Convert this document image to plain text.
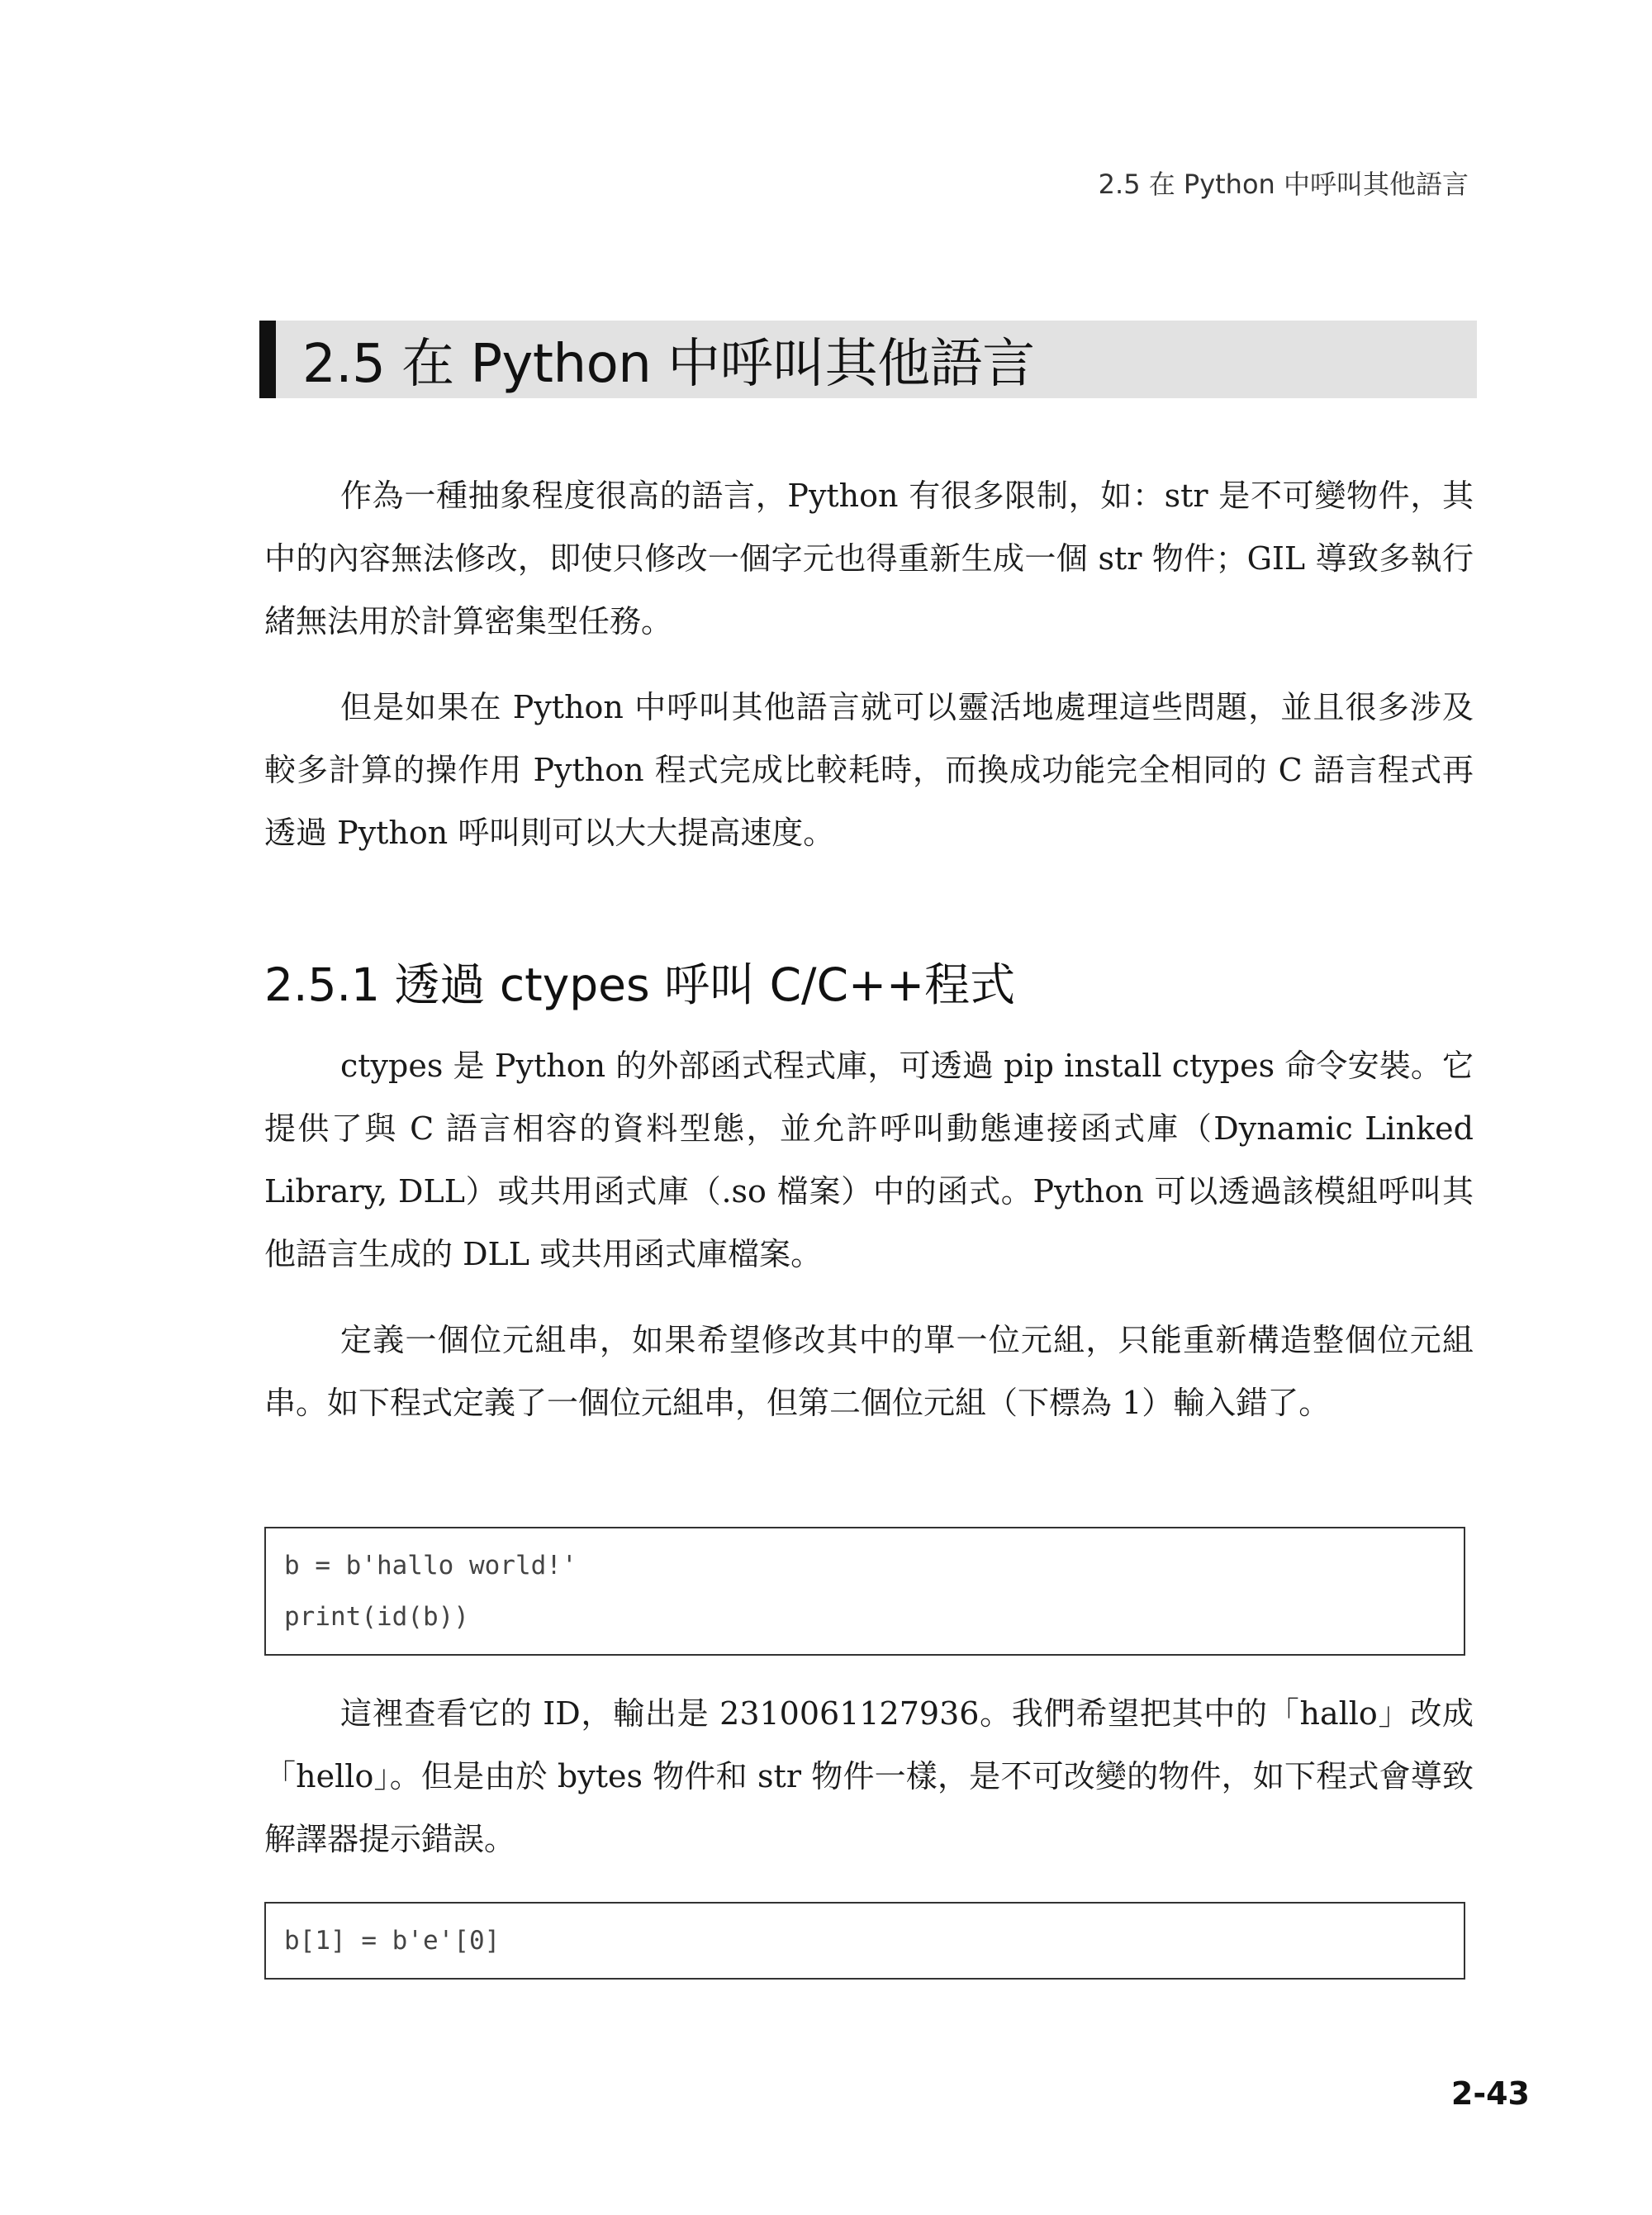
2.5 在 Python 中呼叫其他語言
2.5 在 Python 中呼叫其他語言

作為一種抽象程度很高的語言，Python 有很多限制，如：str 是不可變物件，其中的內容無法修改，即使只修改一個字元也得重新生成一個 str 物件；GIL 導致多執行緒無法用於計算密集型任務。

但是如果在 Python 中呼叫其他語言就可以靈活地處理這些問題，並且很多涉及較多計算的操作用 Python 程式完成比較耗時，而換成功能完全相同的 C 語言程式再透過 Python 呼叫則可以大大提高速度。

2.5.1 透過 ctypes 呼叫 C/C++程式

ctypes 是 Python 的外部函式程式庫，可透過 pip install ctypes 命令安裝。它提供了與 C 語言相容的資料型態，並允許呼叫動態連接函式庫（Dynamic Linked Library, DLL）或共用函式庫（.so 檔案）中的函式。Python 可以透過該模組呼叫其他語言生成的 DLL 或共用函式庫檔案。

定義一個位元組串，如果希望修改其中的單一位元組，只能重新構造整個位元組串。如下程式定義了一個位元組串，但第二個位元組（下標為 1）輸入錯了。

b = b'hallo world!'
print(id(b))

這裡查看它的 ID，輸出是 2310061127936。我們希望把其中的「hallo」改成「hello」。但是由於 bytes 物件和 str 物件一樣，是不可改變的物件，如下程式會導致解譯器提示錯誤。

b[1] = b'e'[0]
2-43
